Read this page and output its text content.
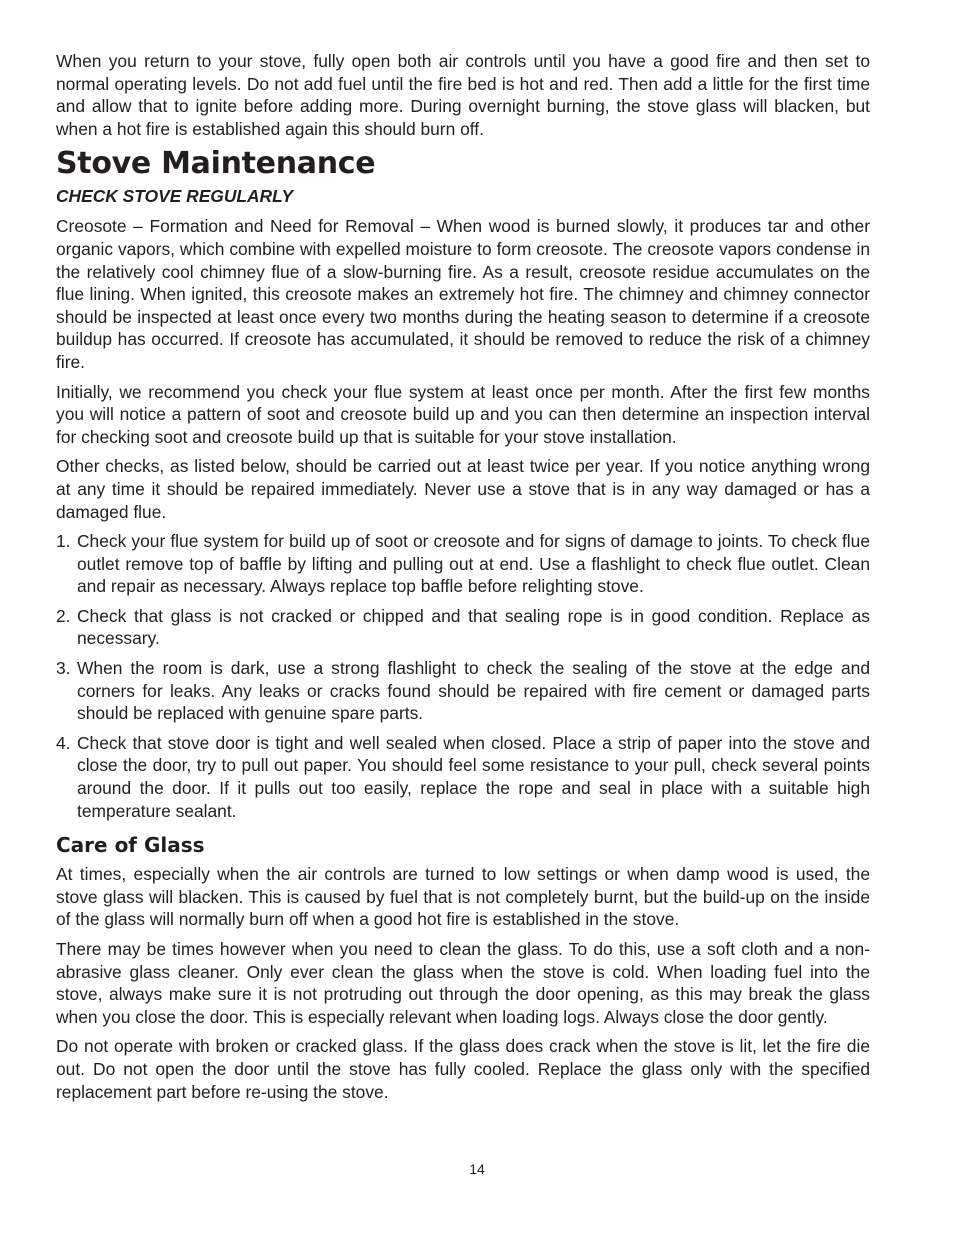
When you return to your stove, fully open both air controls until you have a good fire and then set to normal operating levels. Do not add fuel until the fire bed is hot and red. Then add a little for the first time and allow that to ignite before adding more. During overnight burning, the stove glass will blacken, but when a hot fire is established again this should burn off.

Stove Maintenance
CHECK STOVE REGULARLY

Creosote – Formation and Need for Removal – When wood is burned slowly, it produces tar and other organic vapors, which combine with expelled moisture to form creosote. The creosote vapors condense in the relatively cool chimney flue of a slow-burning fire. As a result, creosote residue accumulates on the flue lining. When ignited, this creosote makes an extremely hot fire. The chimney and chimney connector should be inspected at least once every two months during the heating season to determine if a creosote buildup has occurred. If creosote has accumulated, it should be removed to reduce the risk of a chimney fire.

Initially, we recommend you check your flue system at least once per month. After the first few months you will notice a pattern of soot and creosote build up and you can then determine an inspection interval for checking soot and creosote build up that is suitable for your stove installation.

Other checks, as listed below, should be carried out at least twice per year. If you notice anything wrong at any time it should be repaired immediately. Never use a stove that is in any way damaged or has a damaged flue.

1. Check your flue system for build up of soot or creosote and for signs of damage to joints. To check flue outlet remove top of baffle by lifting and pulling out at end. Use a flashlight to check flue outlet. Clean and repair as necessary. Always replace top baffle before relighting stove.
2. Check that glass is not cracked or chipped and that sealing rope is in good condition. Replace as necessary.
3. When the room is dark, use a strong flashlight to check the sealing of the stove at the edge and corners for leaks. Any leaks or cracks found should be repaired with fire cement or damaged parts should be replaced with genuine spare parts.
4. Check that stove door is tight and well sealed when closed. Place a strip of paper into the stove and close the door, try to pull out paper. You should feel some resistance to your pull, check several points around the door. If it pulls out too easily, replace the rope and seal in place with a suitable high temperature sealant.
Care of Glass

At times, especially when the air controls are turned to low settings or when damp wood is used, the stove glass will blacken. This is caused by fuel that is not completely burnt, but the build-up on the inside of the glass will normally burn off when a good hot fire is established in the stove.

There may be times however when you need to clean the glass. To do this, use a soft cloth and a non-abrasive glass cleaner. Only ever clean the glass when the stove is cold. When loading fuel into the stove, always make sure it is not protruding out through the door opening, as this may break the glass when you close the door. This is especially relevant when loading logs. Always close the door gently.

Do not operate with broken or cracked glass. If the glass does crack when the stove is lit, let the fire die out. Do not open the door until the stove has fully cooled. Replace the glass only with the specified replacement part before re-using the stove.

14
